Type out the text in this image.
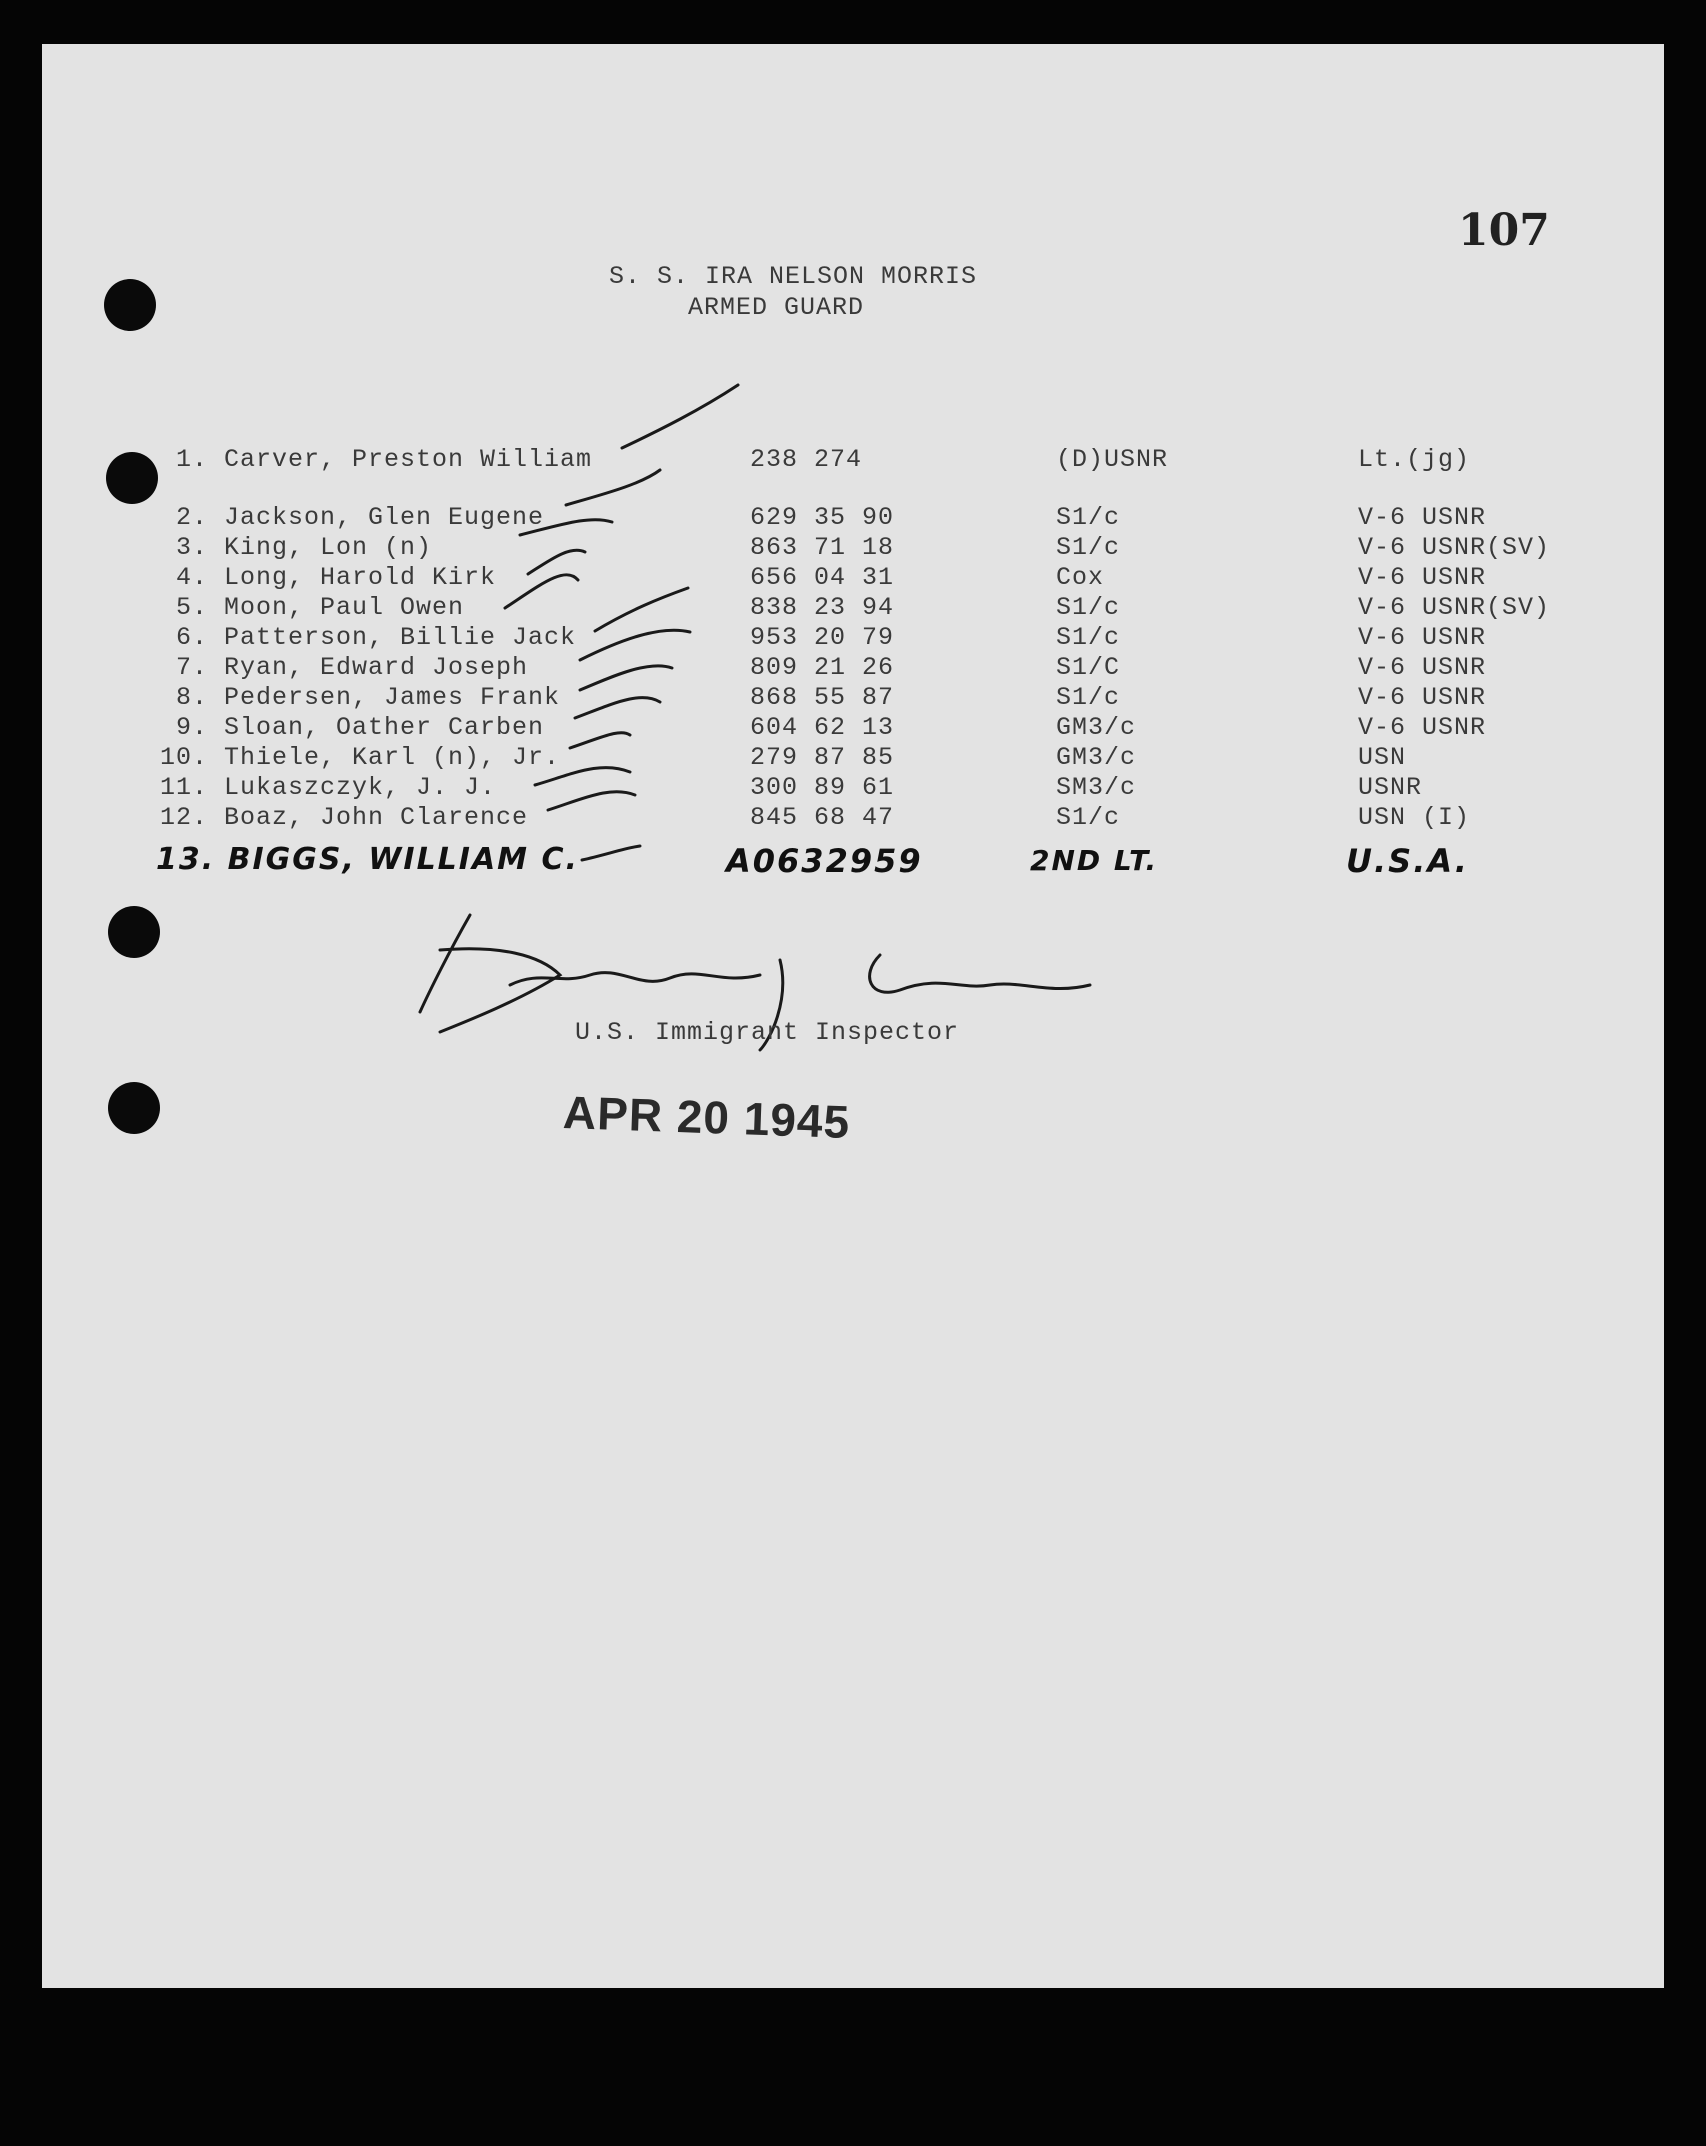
107
S. S. IRA NELSON MORRIS
ARMED GUARD
1. Carver, Preston William	238 274	(D)USNR	Lt.(jg)
2. Jackson, Glen Eugene	629 35 90	S1/c	V-6 USNR
3. King, Lon (n)	863 71 18	S1/c	V-6 USNR(SV)
4. Long, Harold Kirk	656 04 31	Cox	V-6 USNR
5. Moon, Paul Owen	838 23 94	S1/c	V-6 USNR(SV)
6. Patterson, Billie Jack	953 20 79	S1/c	V-6 USNR
7. Ryan, Edward Joseph	809 21 26	S1/C	V-6 USNR
8. Pedersen, James Frank	868 55 87	S1/c	V-6 USNR
9. Sloan, Oather Carben	604 62 13	GM3/c	V-6 USNR
10. Thiele, Karl (n), Jr.	279 87 85	GM3/c	USN
11. Lukaszczyk, J. J.	300 89 61	SM3/c	USNR
12. Boaz, John Clarence	845 68 47	S1/c	USN (I)
13. BIGGS, WILLIAM C.	A0632959	2ND LT.	U.S.A.
U.S. Immigrant Inspector
APR 20 1945
